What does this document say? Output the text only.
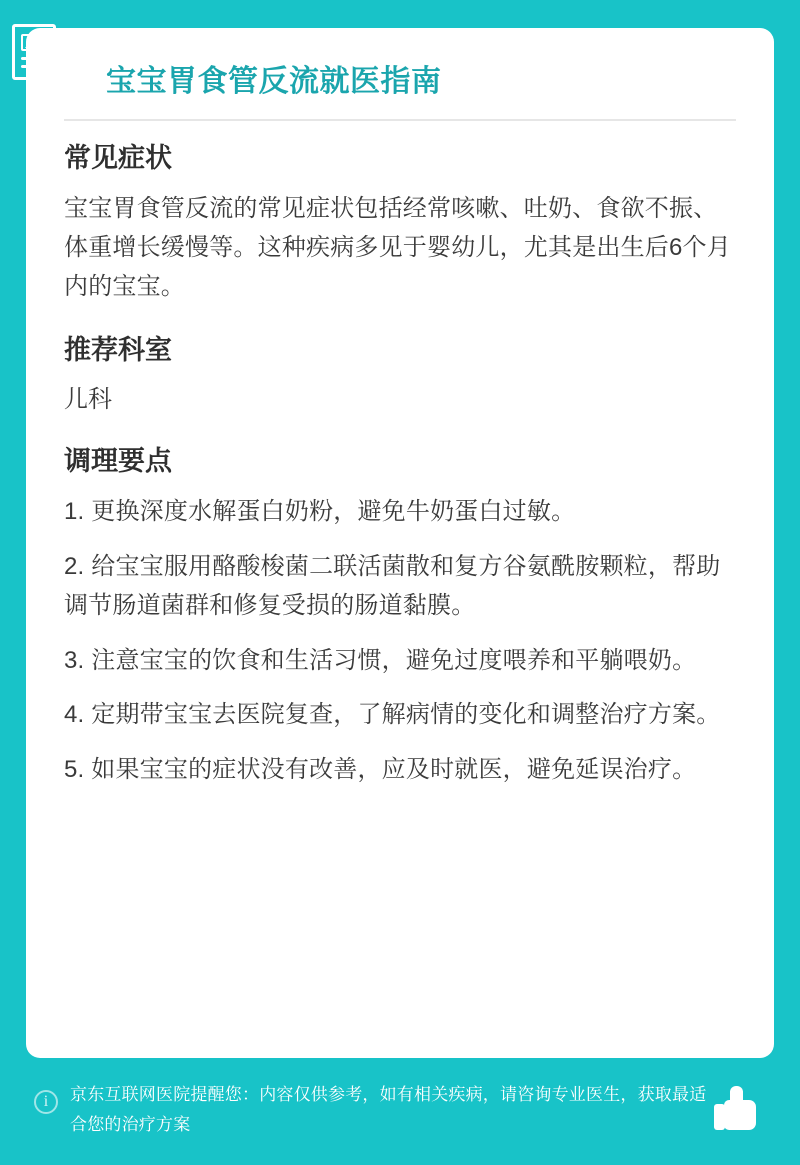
宝宝胃食管反流就医指南
常见症状

宝宝胃食管反流的常见症状包括经常咳嗽、吐奶、食欲不振、体重增长缓慢等。这种疾病多见于婴幼儿，尤其是出生后6个月内的宝宝。

推荐科室

儿科

调理要点
1. 更换深度水解蛋白奶粉，避免牛奶蛋白过敏。
2. 给宝宝服用酪酸梭菌二联活菌散和复方谷氨酰胺颗粒，帮助调节肠道菌群和修复受损的肠道黏膜。
3. 注意宝宝的饮食和生活习惯，避免过度喂养和平躺喂奶。
4. 定期带宝宝去医院复查，了解病情的变化和调整治疗方案。
5. 如果宝宝的症状没有改善，应及时就医，避免延误治疗。
i	京东互联网医院提醒您：内容仅供参考，如有相关疾病，请咨询专业医生，获取最适合您的治疗方案
